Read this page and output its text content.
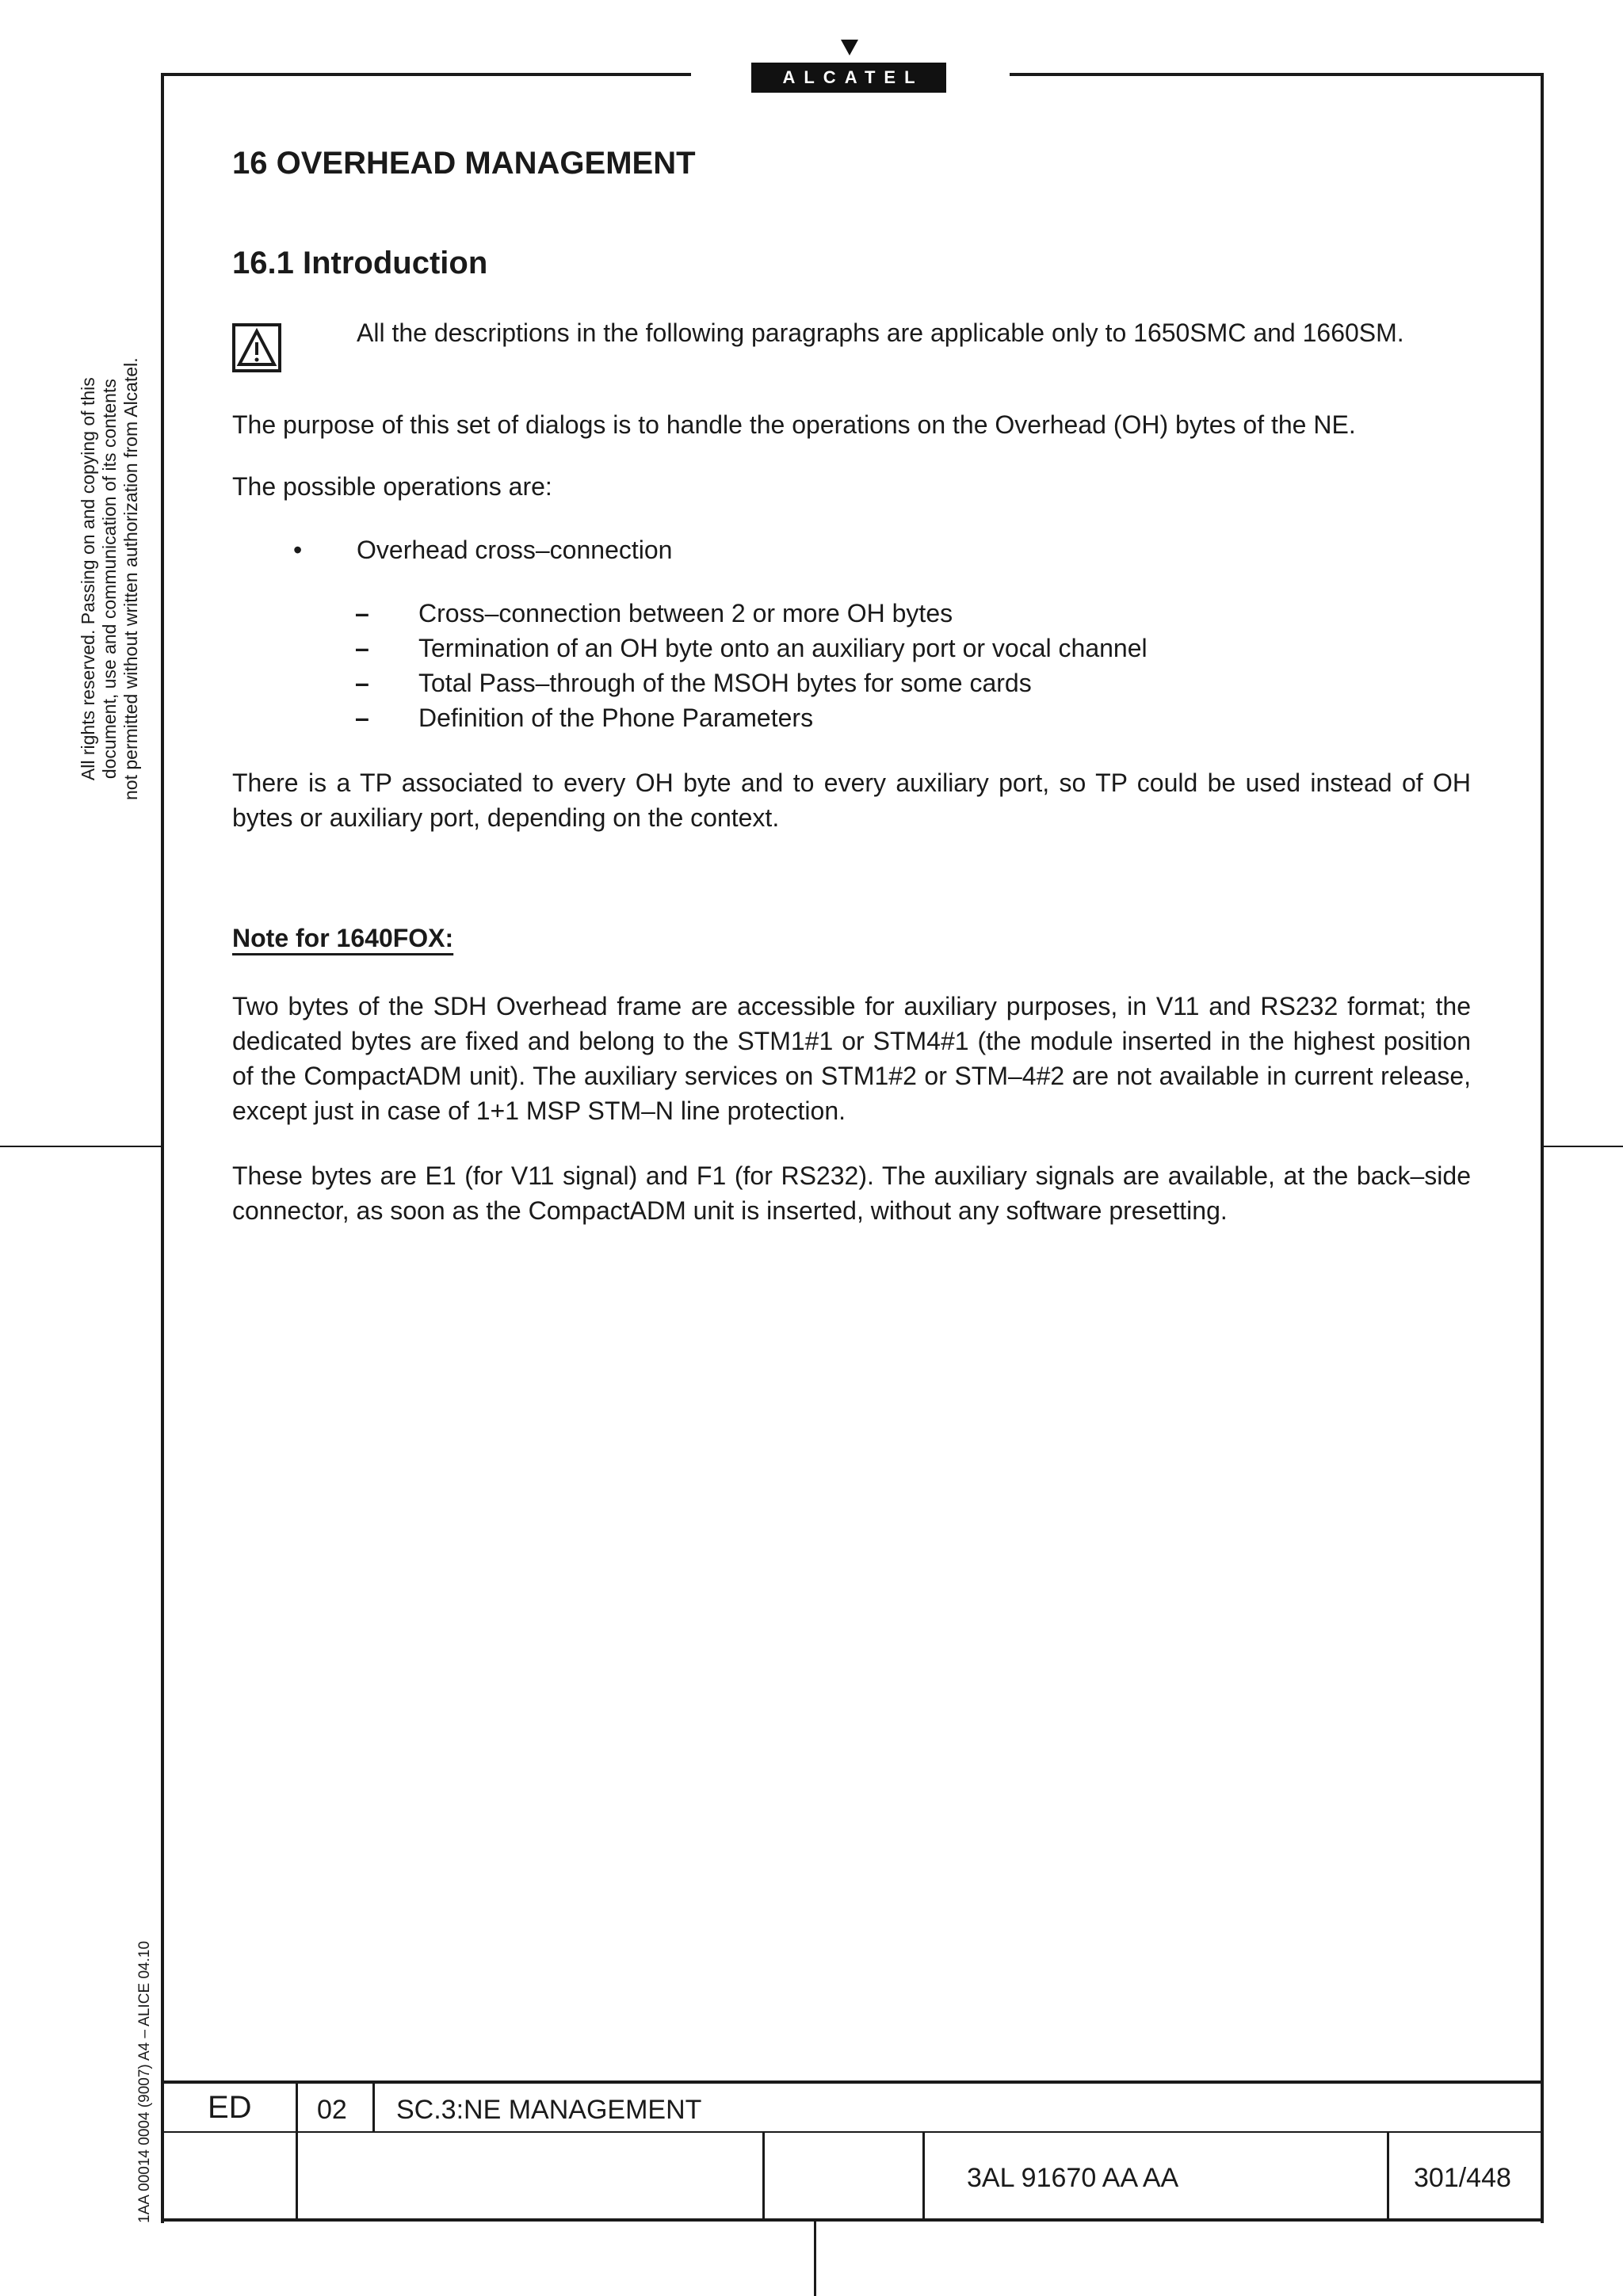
ALCATEL
All rights reserved. Passing on and copying of this document, use and communication of its contents not permitted without written authorization from Alcatel.
1AA 00014 0004 (9007) A4 – ALICE 04.10
16 OVERHEAD MANAGEMENT
16.1 Introduction

All the descriptions in the following paragraphs are applicable only to 1650SMC and 1660SM.

The purpose of this set of dialogs is to handle the operations on the Overhead (OH) bytes of the NE.

The possible operations are:

• Overhead cross–connection
– Cross–connection between 2 or more OH bytes
– Termination of an OH byte onto an auxiliary port or vocal channel
– Total Pass–through of the MSOH bytes for some cards
– Definition of the Phone Parameters

There is a TP associated to every OH byte and to every auxiliary port, so TP could be used instead of OH bytes or auxiliary port, depending on the context.

Note for 1640FOX:

Two bytes of the SDH Overhead frame are accessible for auxiliary purposes, in V11 and RS232 format; the dedicated bytes are fixed and belong to the STM1#1 or STM4#1 (the module inserted in the highest position of the CompactADM unit). The auxiliary services on STM1#2 or STM–4#2 are not available in current release, except just in case of 1+1 MSP STM–N line protection.

These bytes are E1 (for V11 signal) and F1 (for RS232). The auxiliary signals are available, at the back–side connector, as soon as the CompactADM unit is inserted, without any software presetting.

ED 02 SC.3:NE MANAGEMENT
3AL 91670 AA AA	301/448
